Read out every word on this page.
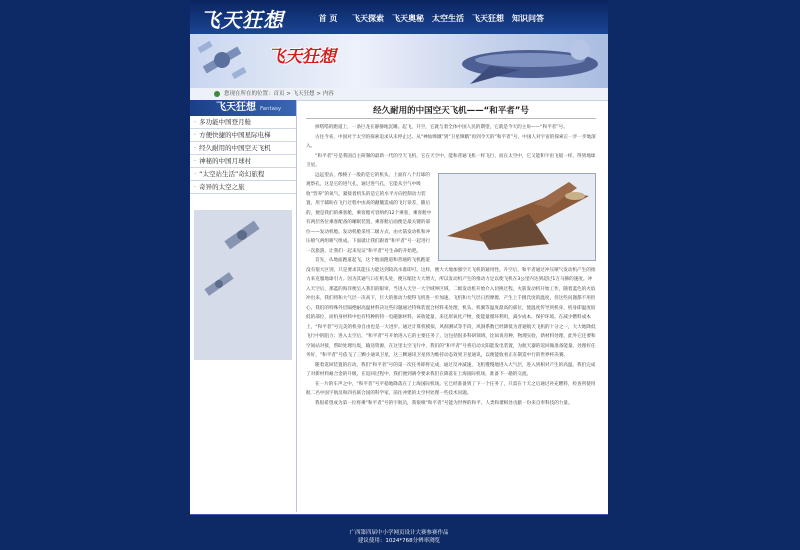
飞天狂想	首 页	飞天探索	飞天奥秘	太空生活	飞天狂想	知识问答
飞天狂想
您现在所在的位置：首页 > 飞天狂想 > 内容
飞天狂想 Fantasy
· 多功能中国登月舱
· 方便快捷的中国星际电梯
· 经久耐用的中国空天飞机
· 神秘的中国月球村
· “太空站生活”奇幻旅程
· 奇异的太空之旅
经久耐用的中国空天飞机——“和平者”号

掉嗒嗒的跑道上，一条巨龙在静静地沉睡。起飞，升空，它就与着全体中国人民的期望，它就是今天的主角——“和平者”号。

古往今来，中国对于太空的探索追求从未停止过。从“神仙嫦娥”到“卫星嫦娥”再到今天的“和平者”号，中国人对宇宙的探索正一步一步地深入。

“和平者”号是我国自主研制的最新一代的空天飞机，它在天空中，能和普通飞机一样飞行，而在太空中，它又能和宇宙飞船一样，得到地球卫星。

远远望去，像梭子一般的是它的机头，上面有八个灯球的观察孔，这是它的进气孔，通过进气孔，它能从空气中吸收“营养”的氧气，紧接着机头的是它的水平方向控制动力装置，用于辅助在飞行过程中由高的颠簸造成的飞行误差，随后的，便是我们的乘客舱，乘客舱可容纳约12个乘客，乘客舱中有两层各位乘客配备的睡眠装置，乘客舱后面便是最关键的部位——发动机舱。发动机舱采用二级方式，由火箭发动机和冲压喷气两组喷气组成。下面就让我们跟着“和平者”号一起进行一次旅游，让我们一起来见证“和平者”号生命的开始吧。

首先，从地面跑道起飞，这个地面跑道和普通的飞机跑道没有很大区别，只是要求其能压力能达到较高水准即可。这样，便大大地加强空天飞机的通用性。升空后，和平者通过冲压喷气发动机产生的推力来克服地球引力。因为其通气口在机头处，便压缩比大大增大，所以发动机产生的推动力足以使飞机在3公里内达到超过1万马赫的速度。冲入天空后，那蓝的海洋便呈入我们的眼帘，当进入天空一大空域界区域，二级发动机开始介入切换过程，火箭发动机开始工作，随着蓝色的火焰冲出来，我们将和大气层一决高下，巨大的推动力使得飞机进一步加速，飞机和大气层日烈摩擦，产生上千摄氏度的温度，但这些问题都不用担心，我们的特殊外层隔绝耐高温材料决这些问题通过特殊装置合材料来处理，机头、机翼等温度最高的部位，使温度传导到机身，机身即温度较低的部位，而机身材料中也有特种的特一电磁脉材料，该收能量，来还原氧化产物，使能量循环利用，减少成本，保护环境。在减少燃料成本上，“和平者”号完美的机身自由也是一大进步。通过计算机模拟，风洞测试等手段，风洞系数已经降低为普通航天飞机的十分之一，大大地降低飞行中的阻力；进入太空后，“和平者”号开始进入它的主要任务了，这包括很多科研领域，比如说育种，物理实验，新材料处理，此外它还要和空间站对接，帮助处理垃圾，输送资源，在这里太空飞行中，我们的“和平者”号将启动太阳能发电装置，为航天器的返回做准备能量。处理好任务好，“和平者”号依飞了三颗小通讯卫星，这三颗通讯卫星将为维持动态效果卫星通讯，以便能收看正在制造中行的世界杯决赛。

随着返回装置的启动，我们“和平者”号的第一次任务即将完成，通过反冲减速，飞机慢慢地进入大气层，进入到相对产生的高温，我们完成了对新材料耐合金的升级，在返回过程中，我们便到满令要求我们在降落在上海国际机场，准备下一趟的交流。

在一片的车声之中，“和平者”号平稳地降落在了上海国际机场。它已经准备到了下一个任务了，只需在十天之后通过补充燃料，检查所使用航二名中国宇航员和四名联合国的科学家，前往冲建的太空村处理一些技术问题。

我很希望成为第一位将乘“和平者”号的宇航员，我很相“和平者”号能为世界的和平，人类和谐相处贡献一份来自奉科技的力量。

广西第四届中小学网页设计大赛参赛作品
建议使用：1024*768分辨率浏览
